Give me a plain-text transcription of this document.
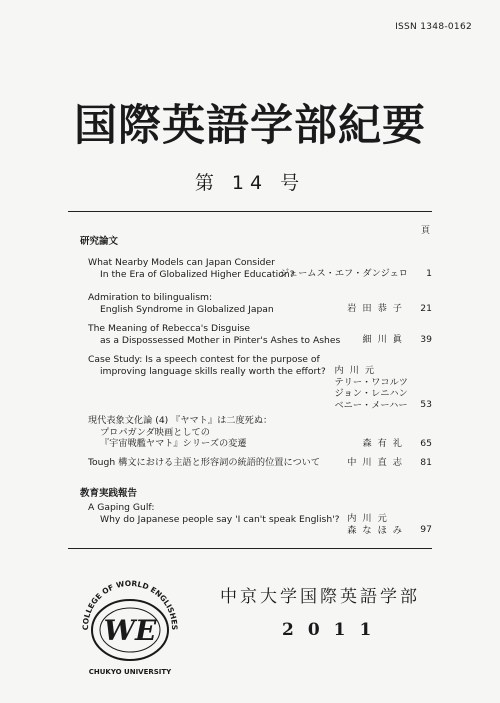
ISSN 1348-0162
国際英語学部紀要
第 14 号
頁
研究論文
What Nearby Models can Japan Consider
In the Era of Globalized Higher Education?
ジェームス・エフ・ダンジェロ 1
Admiration to bilingualism:
English Syndrome in Globalized Japan	岩田恭子 21
The Meaning of Rebecca's Disguise
as a Dispossessed Mother in Pinter's Ashes to Ashes 細川眞 39
Case Study: Is a speech contest for the purpose of
improving language skills really worth the effort? 内川元
テリー・ワコルツ
ジョン・レニハン
ベニー・メーハー 53
現代表象文化論 (4) 『ヤマト』は二度死ぬ：
プロパガンダ映画としての
『宇宙戦艦ヤマト』シリーズの変遷	森有礼 65
Tough 構文における主語と形容詞の統語的位置について	中川直志 81
教育実践報告
A Gaping Gulf:
Why do Japanese people say 'I can't speak English'? 内川元
森なほみ 97
COLLEGE OF WORLD ENGLISHES
WE
CHUKYO UNIVERSITY
中京大学国際英語学部
2011
